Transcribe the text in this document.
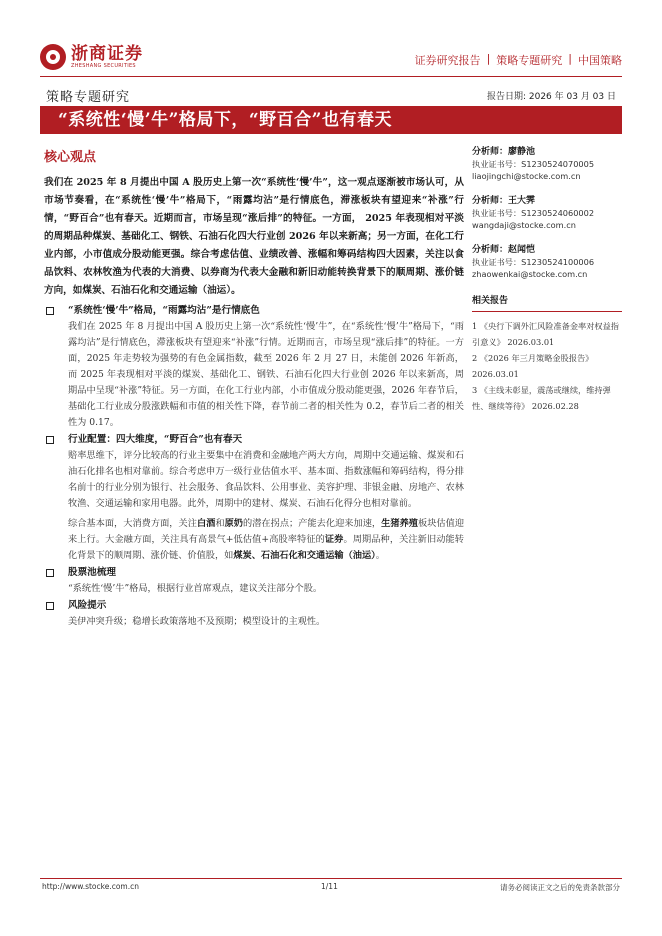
浙商证券
ZHESHANG SECURITIES	证券研究报告 | 策略专题研究 | 中国策略
策略专题研究	报告日期: 2026 年 03 月 03 日
“系统性‘慢’牛”格局下，“野百合”也有春天
核心观点

我们在 2025 年 8 月提出中国 A 股历史上第一次“系统性‘慢’牛”，这一观点逐渐被市场认可，从市场节奏看，在“系统性‘慢’牛”格局下，“雨露均沾”是行情底色，滞涨板块有望迎来“补涨”行情，“野百合”也有春天。近期而言，市场呈现“涨后排”的特征。一方面， 2025 年表现相对平淡的周期品种煤炭、基础化工、钢铁、石油石化四大行业创 2026 年以来新高；另一方面，在化工行业内部，小市值成分股动能更强。综合考虑估值、业绩改善、涨幅和筹码结构四大因素，关注以食品饮料、农林牧渔为代表的大消费、以券商为代表大金融和新旧动能转换背景下的顺周期、涨价链方向，如煤炭、石油石化和交通运输（油运）。

“系统性‘慢’牛”格局，“雨露均沾”是行情底色

我们在 2025 年 8 月提出中国 A 股历史上第一次“系统性‘慢’牛”，在“系统性‘慢’牛”格局下，“雨露均沾”是行情底色，滞涨板块有望迎来“补涨”行情。近期而言，市场呈现“涨后排”的特征。一方面，2025 年走势较为强势的有色金属指数，截至 2026 年 2 月 27 日，未能创 2026 年新高，而 2025 年表现相对平淡的煤炭、基础化工、钢铁、石油石化四大行业创 2026 年以来新高，周期品中呈现“补涨”特征。另一方面，在化工行业内部，小市值成分股动能更强，2026 年春节后，基础化工行业成分股涨跌幅和市值的相关性下降，春节前二者的相关性为 0.2，春节后二者的相关性为 0.17。

行业配置：四大维度，“野百合”也有春天

赔率思维下，评分比较高的行业主要集中在消费和金融地产两大方向，周期中交通运输、煤炭和石油石化排名也相对靠前。综合考虑申万一级行业估值水平、基本面、指数涨幅和筹码结构，得分排名前十的行业分别为银行、社会服务、食品饮料、公用事业、美容护理、非银金融、房地产、农林牧渔、交通运输和家用电器。此外，周期中的建材、煤炭、石油石化得分也相对靠前。

综合基本面，大消费方面，关注白酒和原奶的潜在拐点；产能去化迎来加速，生猪养殖板块估值迎来上行。大金融方面，关注具有高景气+低估值+高股率特征的证券。周期品种，关注新旧动能转化背景下的顺周期、涨价链、价值股，如煤炭、石油石化和交通运输（油运）。

股票池梳理

“系统性‘慢’牛”格局，根据行业首席观点，建议关注部分个股。

风险提示

美伊冲突升级；稳增长政策落地不及预期；模型设计的主观性。

分析师：廖静池
执业证书号：S1230524070005
liaojingchi@stocke.com.cn
分析师：王大霁
执业证书号：S1230524060002
wangdaji@stocke.com.cn
分析师：赵闻恺
执业证书号：S1230524100006
zhaowenkai@stocke.com.cn
相关报告
1 《央行下调外汇风险准备金率对权益指引意义》 2026.03.01
2 《2026 年三月策略金股报告》 2026.03.01
3 《主线未彰显，震荡或继续，维持弹性、继续等待》 2026.02.28
http://www.stocke.com.cn	1/11	请务必阅读正文之后的免责条款部分
